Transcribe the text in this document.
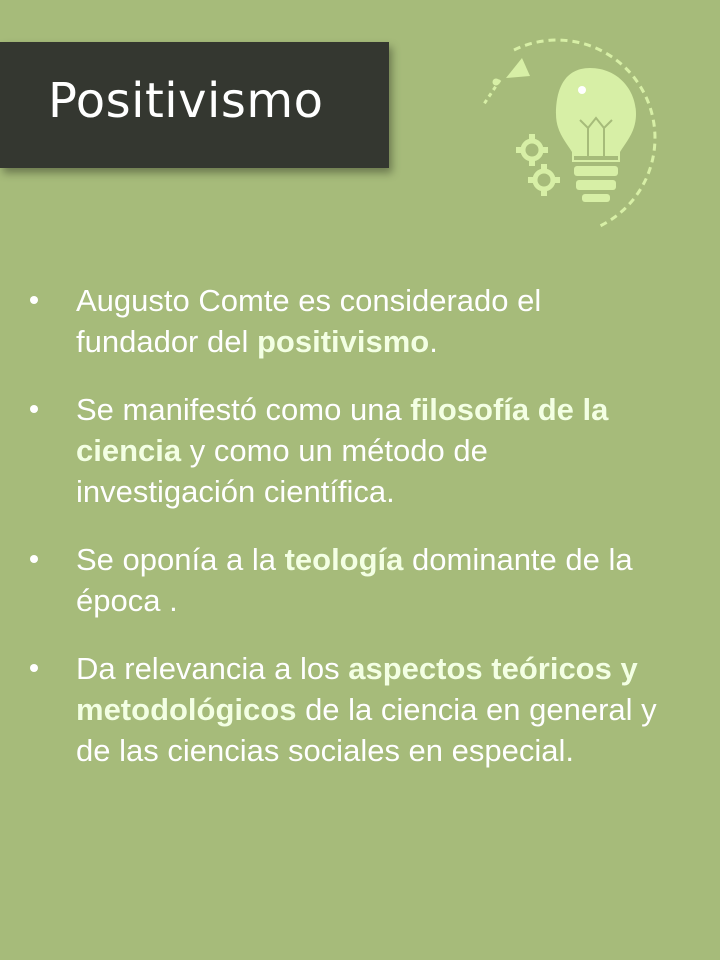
Positivismo
Augusto Comte es considerado el fundador del positivismo.
Se manifestó como una filosofía de la ciencia y como un método de investigación científica.
Se oponía a la teología dominante de la época .
Da relevancia a los aspectos teóricos y metodológicos de la ciencia en general y de las ciencias sociales en especial.
